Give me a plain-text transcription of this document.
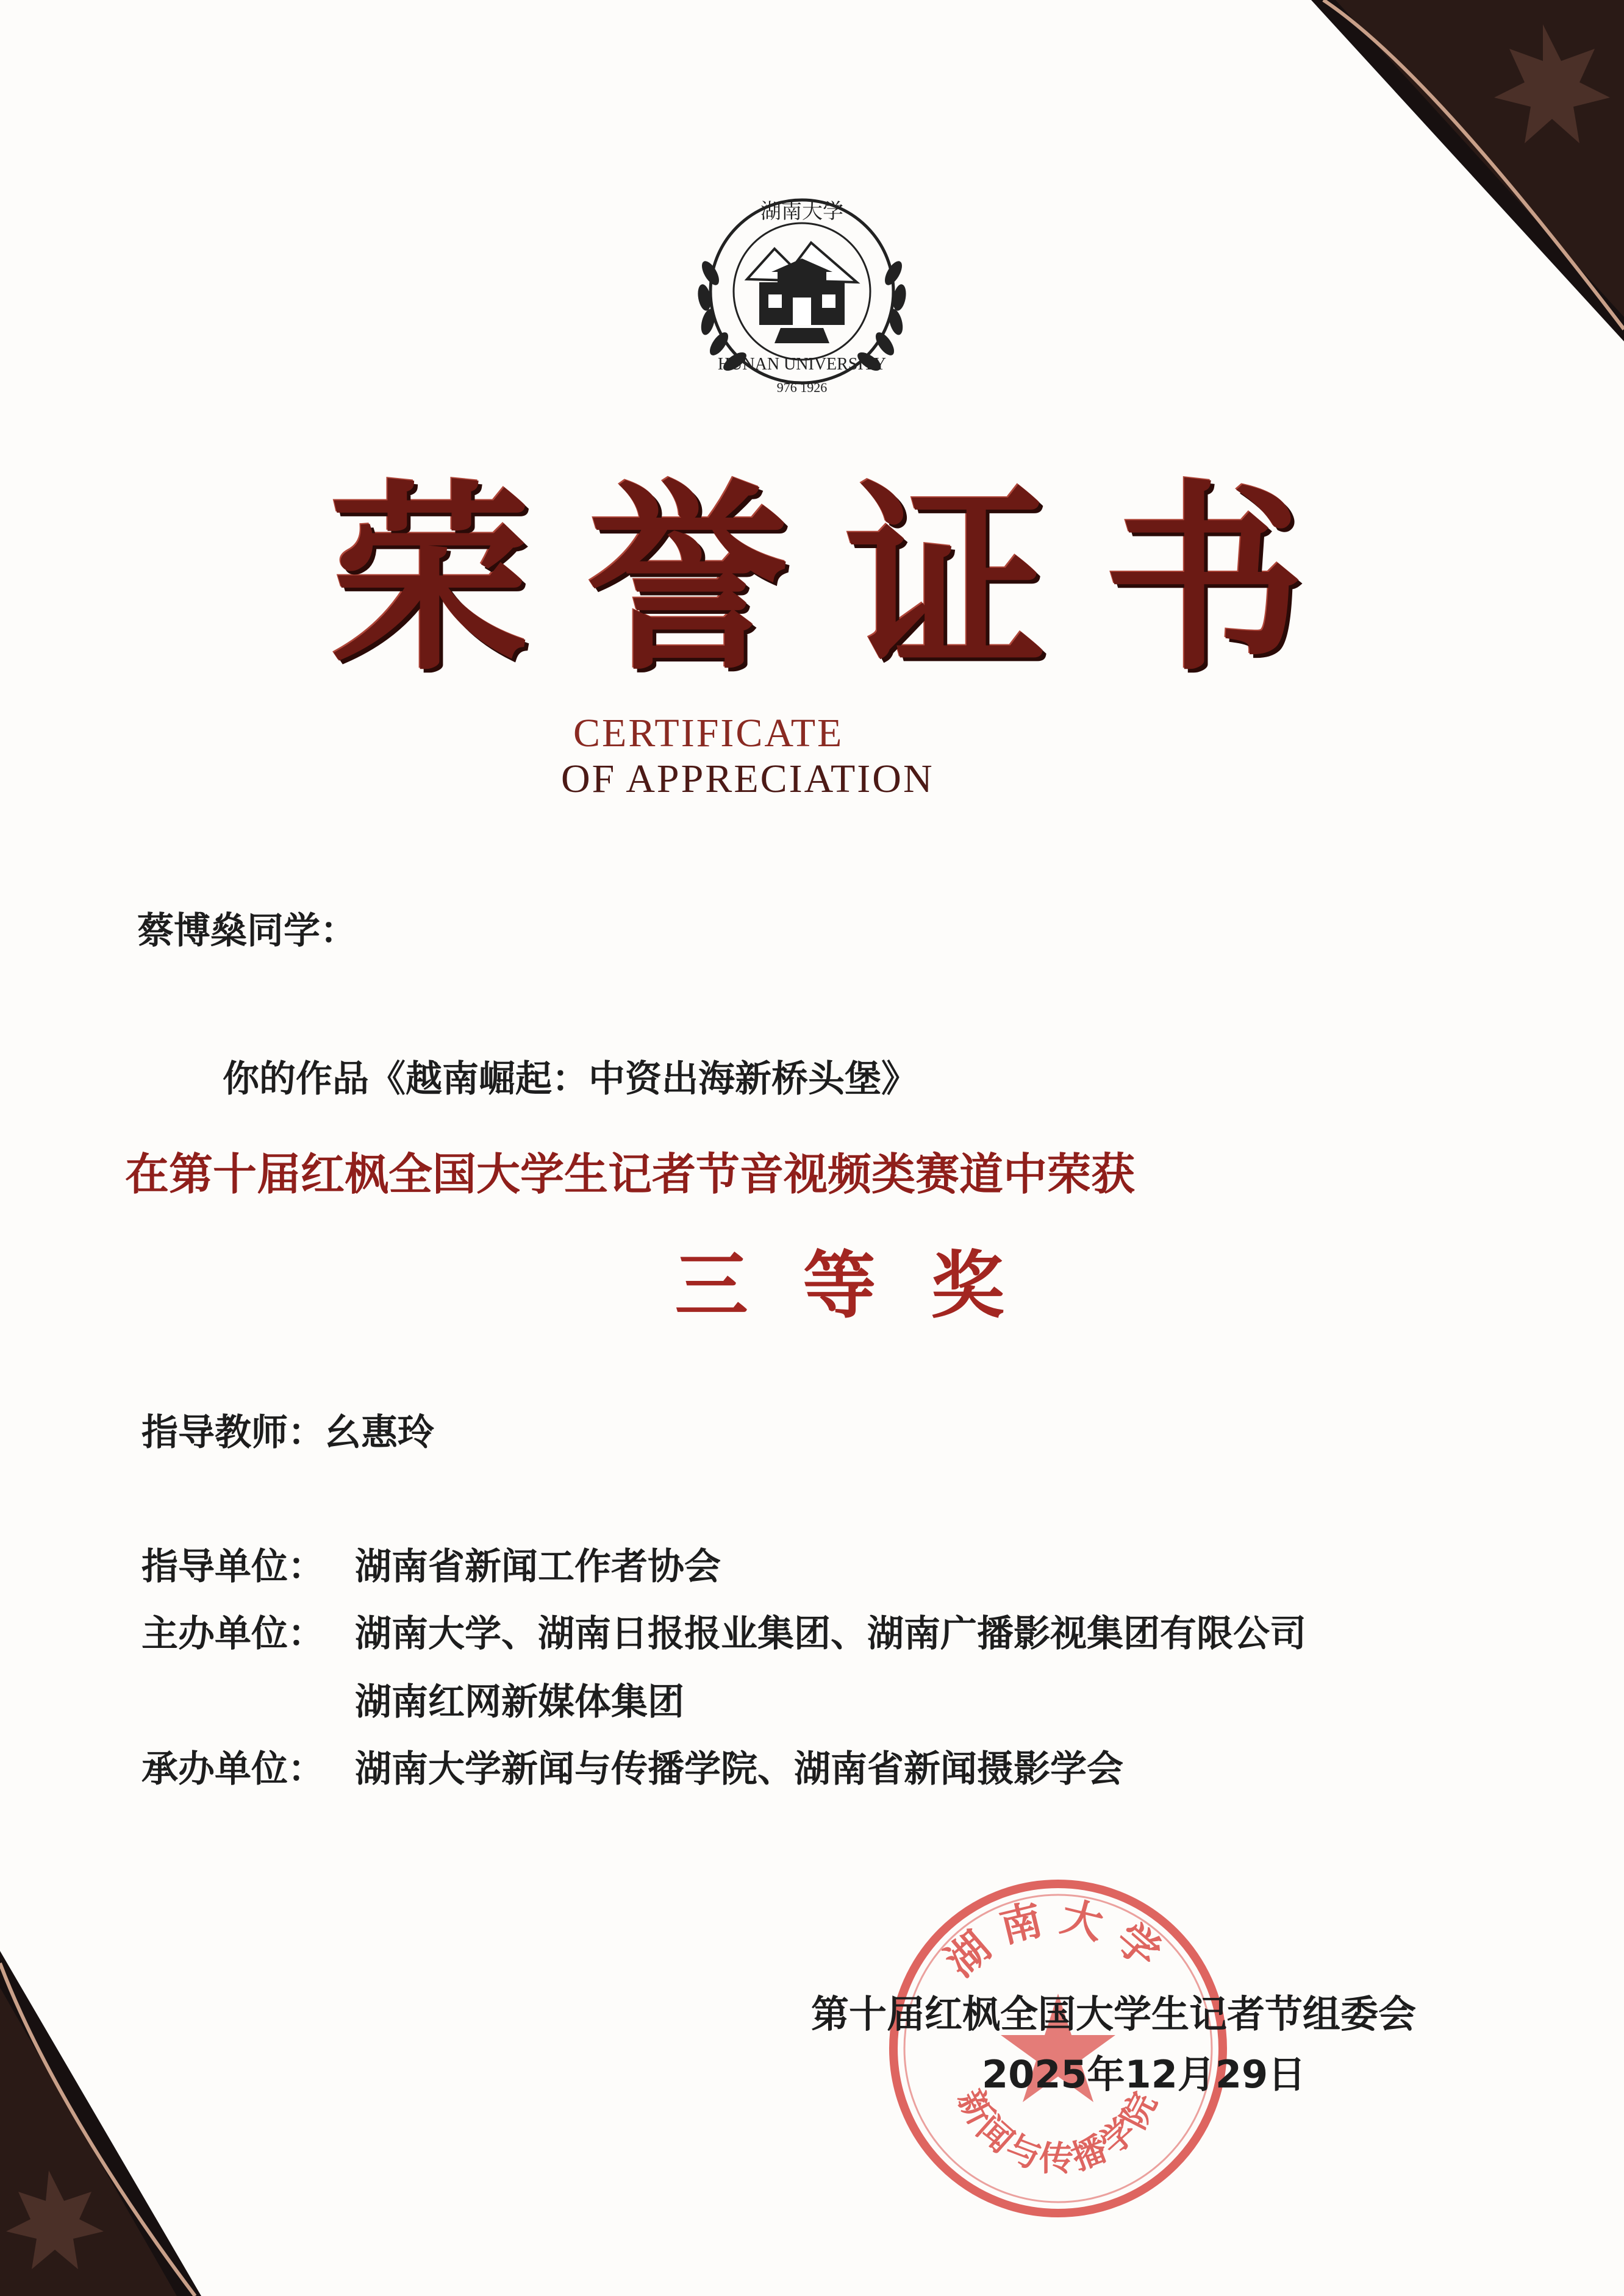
湖南大学
HUNAN UNIVERSITY
976 1926
荣 誉 证 书
CERTIFICATE
OF APPRECIATION
蔡博燊同学：
你的作品《越南崛起：中资出海新桥头堡》
在第十届红枫全国大学生记者节音视频类赛道中荣获
三等奖
指导教师：幺惠玲
指导单位： 湖南省新闻工作者协会
主办单位： 湖南大学、湖南日报报业集团、湖南广播影视集团有限公司
湖南红网新媒体集团
承办单位： 湖南大学新闻与传播学院、湖南省新闻摄影学会
湖南大学
新闻与传播学院
第十届红枫全国大学生记者节组委会
2025年12月29日
